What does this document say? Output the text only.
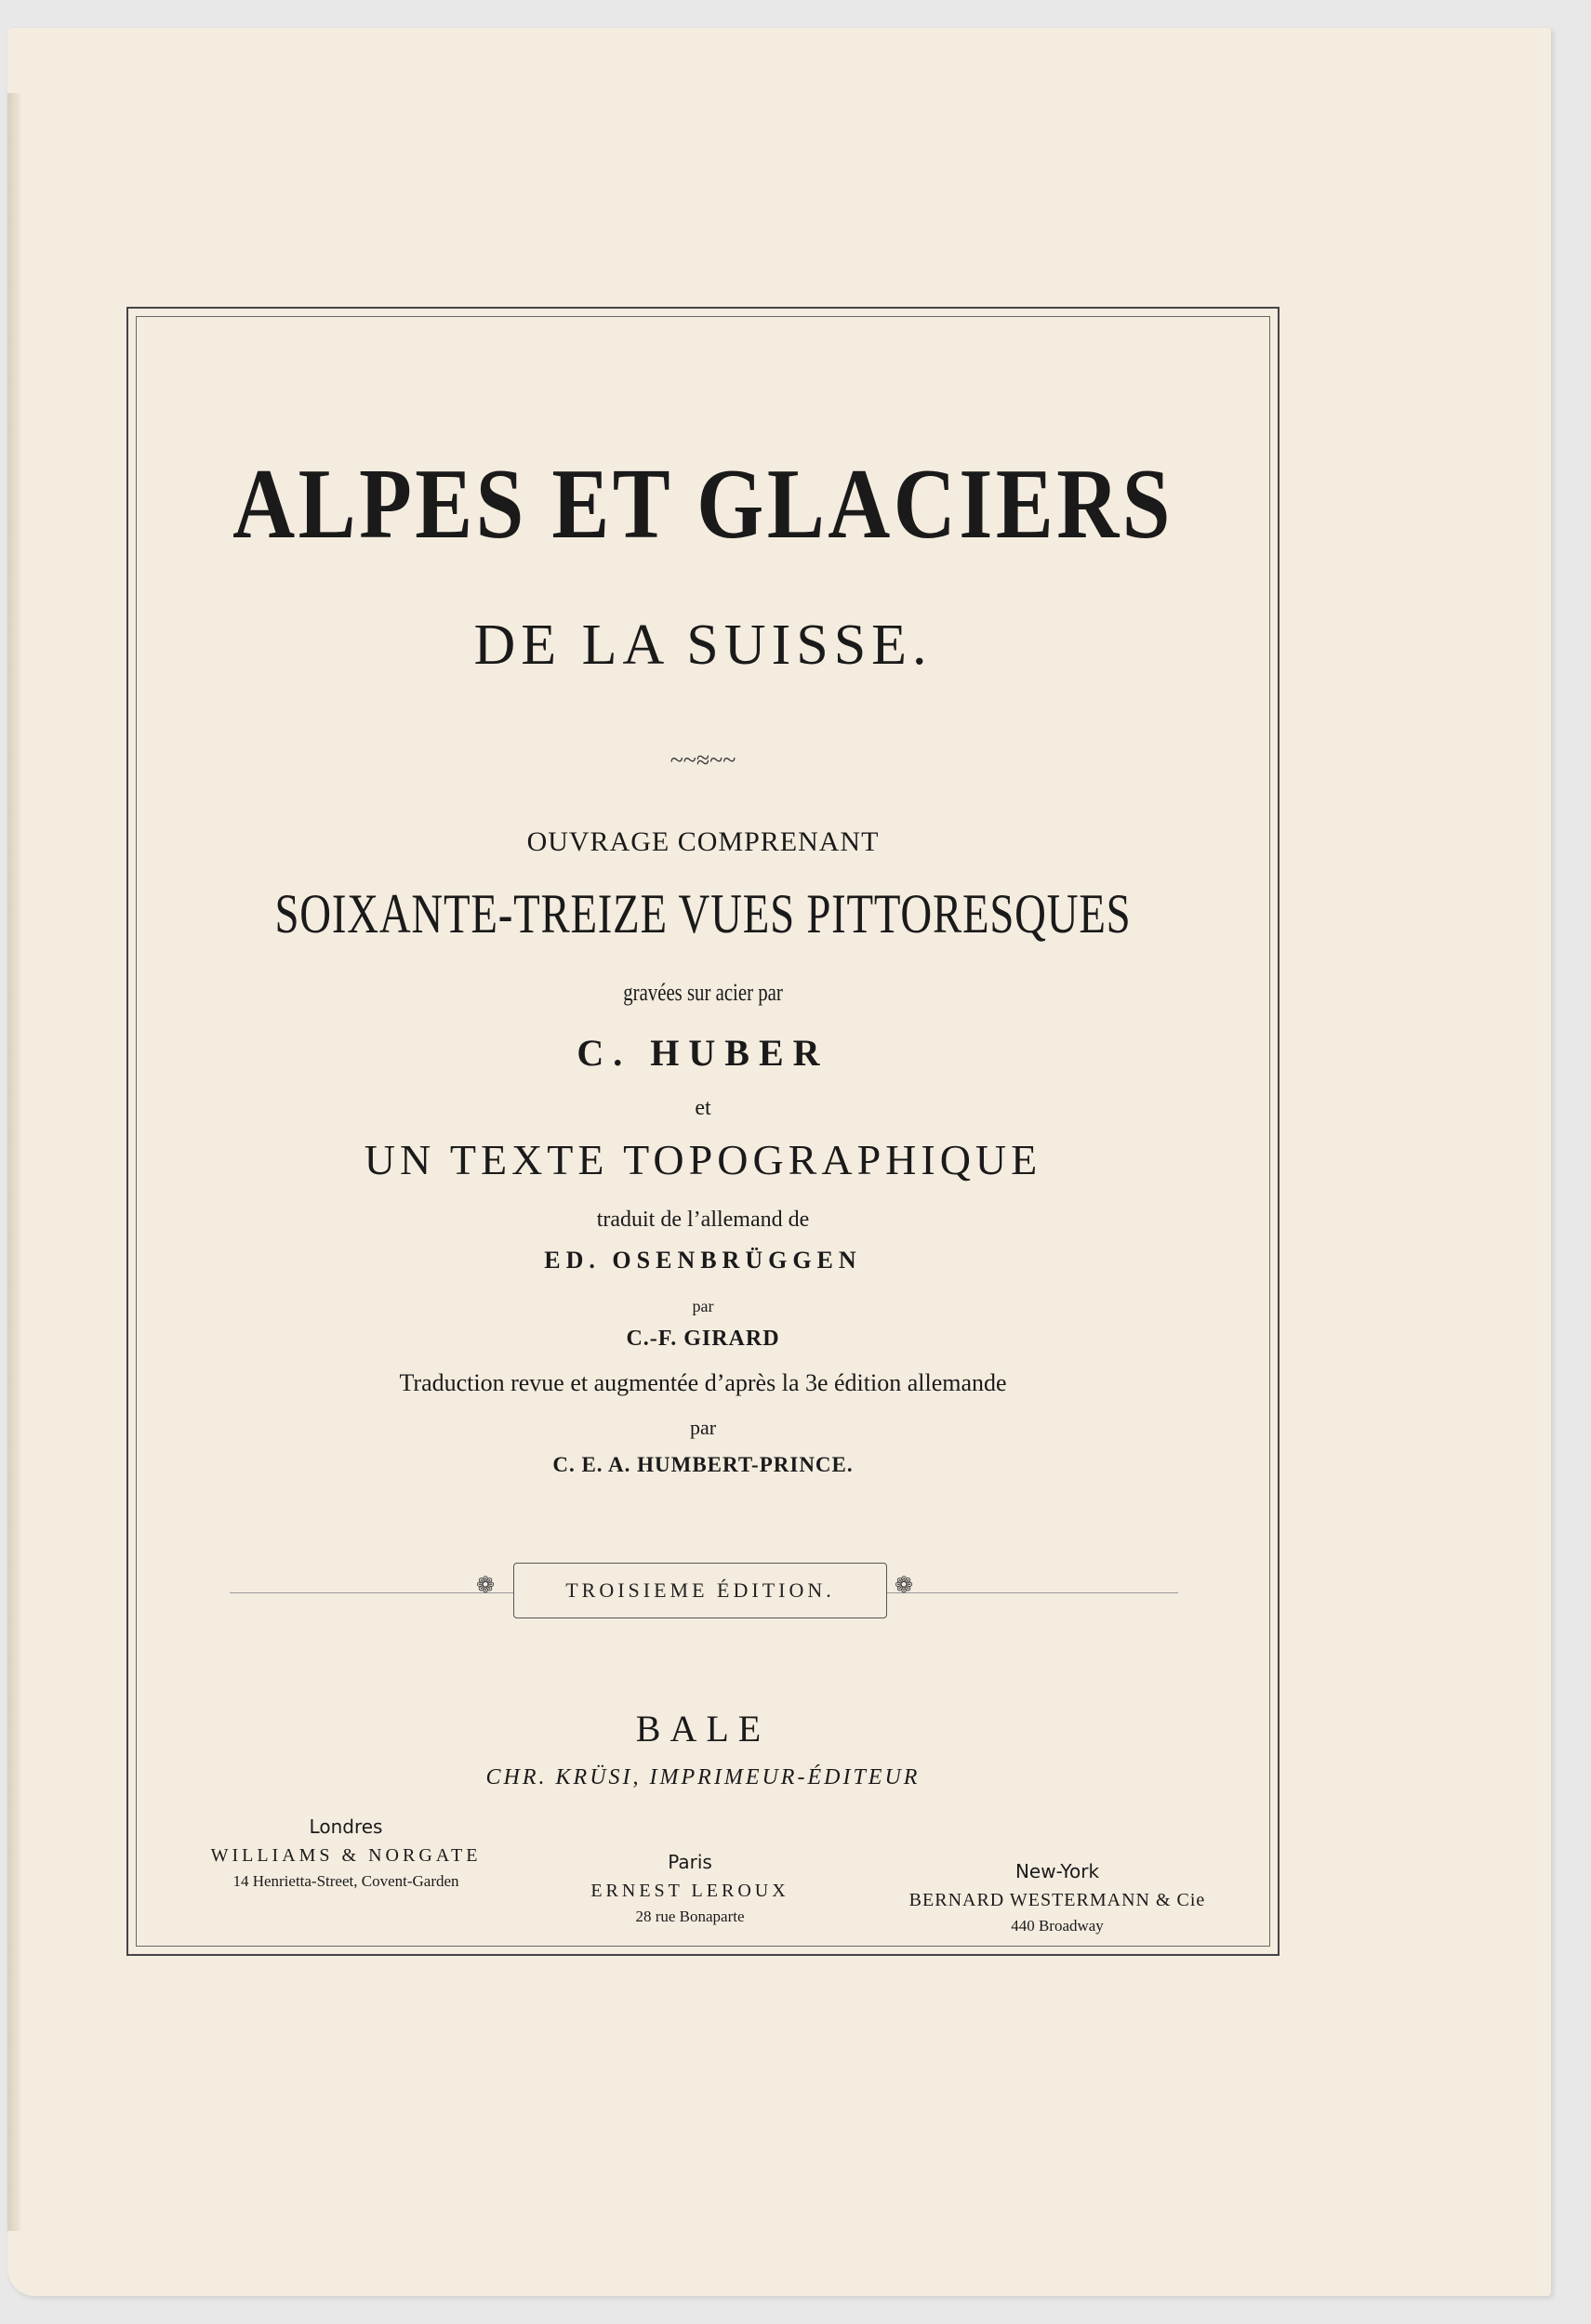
ALPES ET GLACIERS
DE LA SUISSE.
~~≈~~
OUVRAGE COMPRENANT
SOIXANTE-TREIZE VUES PITTORESQUES
gravées sur acier par
C. HUBER
et
UN TEXTE TOPOGRAPHIQUE
traduit de l’allemand de
ED. OSENBRÜGGEN
par
C.-F. GIRARD
Traduction revue et augmentée d’après la 3e édition allemande
par
C. E. A. HUMBERT-PRINCE.
❁	❁
TROISIEME ÉDITION.
BALE
CHR. KRÜSI, IMPRIMEUR-ÉDITEUR
Londres
WILLIAMS & NORGATE
14 Henrietta-Street, Covent-Garden
Paris
ERNEST LEROUX
28 rue Bonaparte
New-York
BERNARD WESTERMANN & Cie
440 Broadway
